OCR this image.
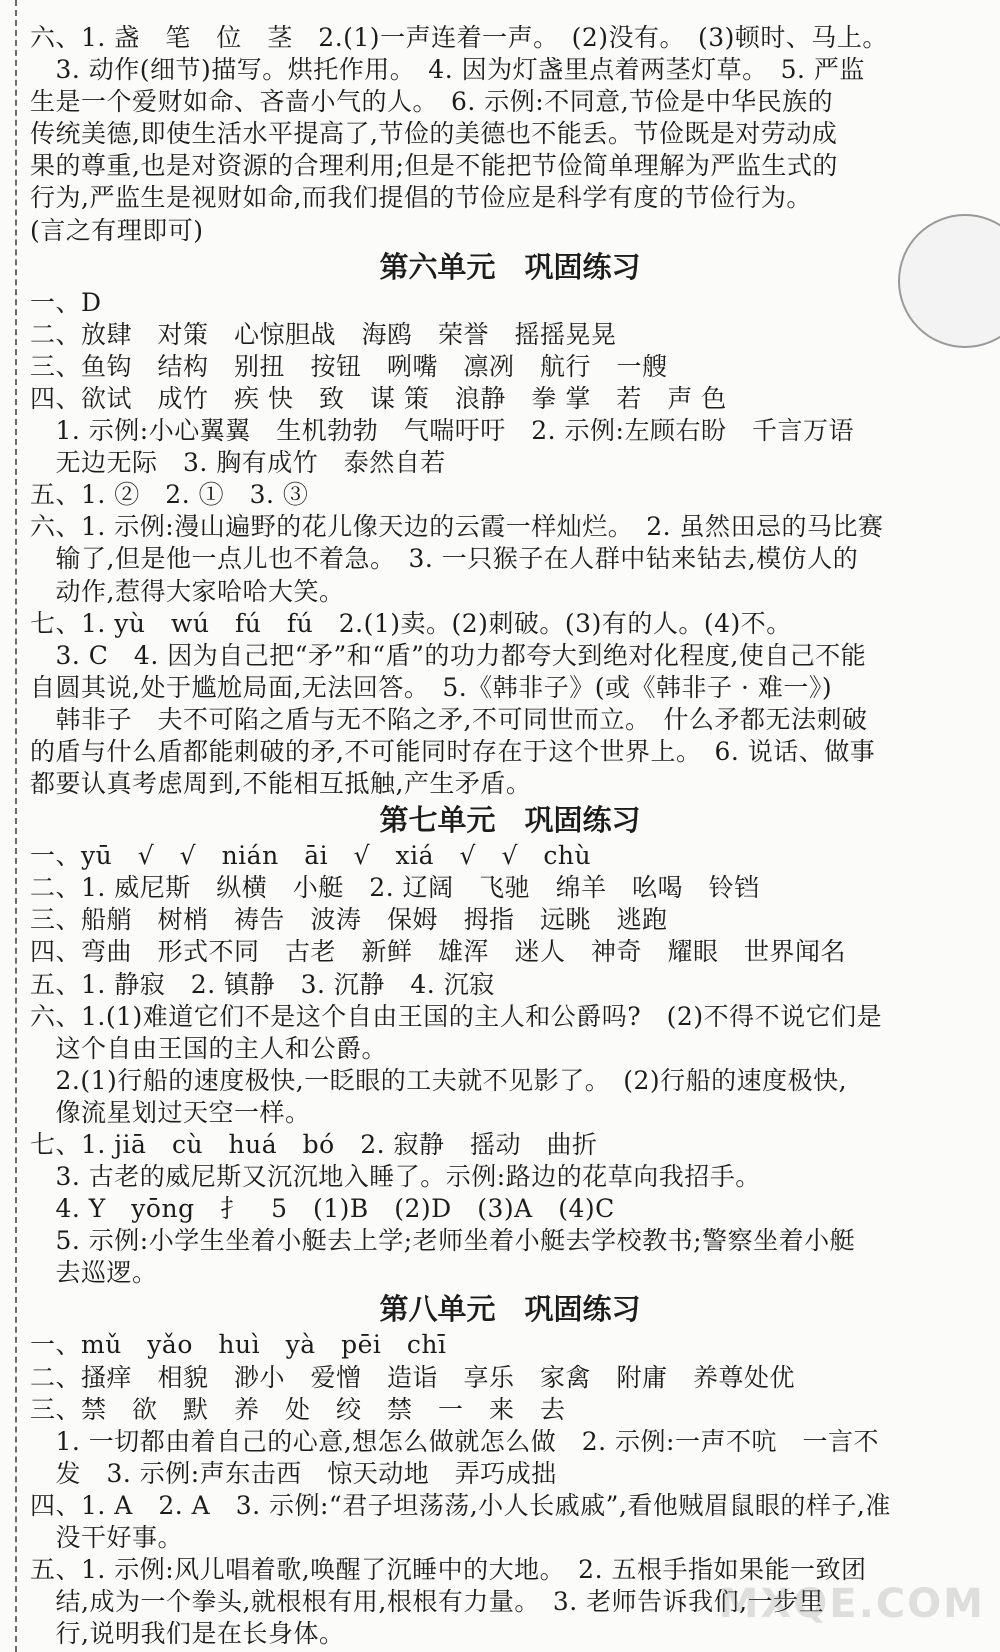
六、1. 盏　笔　位　茎　2.(1)一声连着一声。　(2)没有。　(3)顿时、马上。
　3. 动作(细节)描写。烘托作用。　4. 因为灯盏里点着两茎灯草。　5. 严监
生是一个爱财如命、吝啬小气的人。　6. 示例:不同意,节俭是中华民族的
传统美德,即使生活水平提高了,节俭的美德也不能丢。节俭既是对劳动成
果的尊重,也是对资源的合理利用;但是不能把节俭简单理解为严监生式的
行为,严监生是视财如命,而我们提倡的节俭应是科学有度的节俭行为。
(言之有理即可)
第六单元　巩固练习
一、D
二、放肆　对策　心惊胆战　海鸥　荣誉　摇摇晃晃
三、鱼钩　结构　别扭　按钮　咧嘴　凛冽　航行　一艘
四、欲试　成竹　疾 快　致　谋 策　浪静　拳 掌　若　声 色
　1. 示例:小心翼翼　生机勃勃　气喘吁吁　2. 示例:左顾右盼　千言万语
　无边无际　3. 胸有成竹　泰然自若
五、1. ②　2. ①　3. ③
六、1. 示例:漫山遍野的花儿像天边的云霞一样灿烂。　2. 虽然田忌的马比赛
　输了,但是他一点儿也不着急。　3. 一只猴子在人群中钻来钻去,模仿人的
　动作,惹得大家哈哈大笑。
七、1. yù　wú　fú　fú　2.(1)卖。(2)刺破。(3)有的人。(4)不。
　3. C　4. 因为自己把“矛”和“盾”的功力都夸大到绝对化程度,使自己不能
自圆其说,处于尴尬局面,无法回答。　5.《韩非子》(或《韩非子 · 难一》)
　韩非子　夫不可陷之盾与无不陷之矛,不可同世而立。　什么矛都无法刺破
的盾与什么盾都能刺破的矛,不可能同时存在于这个世界上。　6. 说话、做事
都要认真考虑周到,不能相互抵触,产生矛盾。
第七单元　巩固练习
一、yū　√　√　nián　āi　√　xiá　√　√　chù
二、1. 威尼斯　纵横　小艇　2. 辽阔　飞驰　绵羊　吆喝　铃铛
三、船艄　树梢　祷告　波涛　保姆　拇指　远眺　逃跑
四、弯曲　形式不同　古老　新鲜　雄浑　迷人　神奇　耀眼　世界闻名
五、1. 静寂　2. 镇静　3. 沉静　4. 沉寂
六、1.(1)难道它们不是这个自由王国的主人和公爵吗?　(2)不得不说它们是
　这个自由王国的主人和公爵。
　2.(1)行船的速度极快,一眨眼的工夫就不见影了。　(2)行船的速度极快,
　像流星划过天空一样。
七、1. jiā　cù　huá　bó　2. 寂静　摇动　曲折
　3. 古老的威尼斯又沉沉地入睡了。示例:路边的花草向我招手。
　4. Y　yōng　扌　5　(1)B　(2)D　(3)A　(4)C
　5. 示例:小学生坐着小艇去上学;老师坐着小艇去学校教书;警察坐着小艇
　去巡逻。
第八单元　巩固练习
一、mǔ　yǎo　huì　yà　pēi　chī
二、搔痒　相貌　渺小　爱憎　造诣　享乐　家禽　附庸　养尊处优
三、禁　欲　默　养　处　绞　禁　一　来　去
　1. 一切都由着自己的心意,想怎么做就怎么做　2. 示例:一声不吭　一言不
　发　3. 示例:声东击西　惊天动地　弄巧成拙
四、1. A　2. A　3. 示例:“君子坦荡荡,小人长戚戚”,看他贼眉鼠眼的样子,准
　没干好事。
五、1. 示例:风儿唱着歌,唤醒了沉睡中的大地。　2. 五根手指如果能一致团
　结,成为一个拳头,就根根有用,根根有力量。　3. 老师告诉我们,一步里
　行,说明我们是在长身体。
MXQE.COM
